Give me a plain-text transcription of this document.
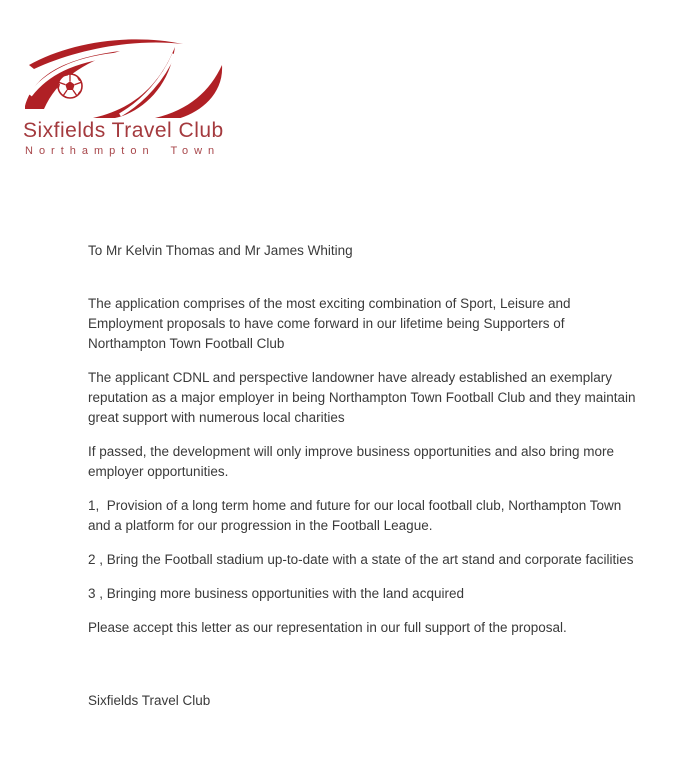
Sixfields Travel Club
Northampton Town

To Mr Kelvin Thomas and Mr James Whiting

The application comprises of the most exciting combination of Sport, Leisure and Employment proposals to have come forward in our lifetime being Supporters of Northampton Town Football Club

The applicant CDNL and perspective landowner have already established an exemplary reputation as a major employer in being Northampton Town Football Club and they maintain great support with numerous local charities

If passed, the development will only improve business opportunities and also bring more employer opportunities.

1,  Provision of a long term home and future for our local football club, Northampton Town and a platform for our progression in the Football League.

2 , Bring the Football stadium up-to-date with a state of the art stand and corporate facilities

3 , Bringing more business opportunities with the land acquired

Please accept this letter as our representation in our full support of the proposal.

Sixfields Travel Club
